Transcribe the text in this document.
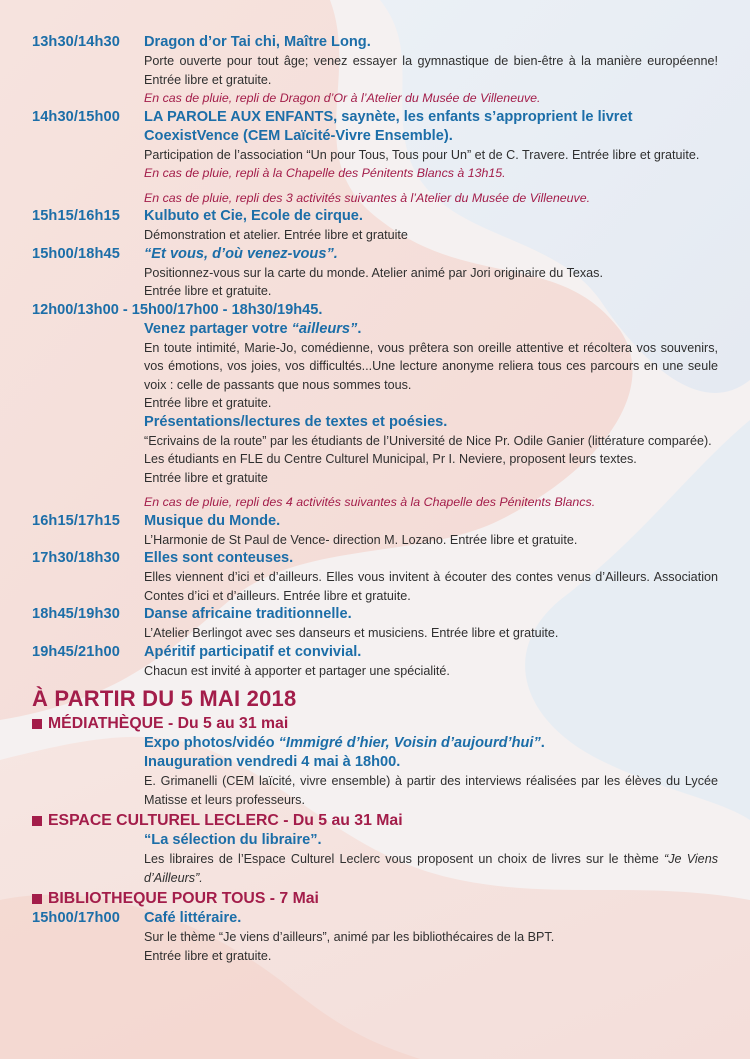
13h30/14h30	Dragon d’or Tai chi, Maître Long.
Porte ouverte pour tout âge; venez essayer la gymnastique de bien-être à la manière européenne! Entrée libre et gratuite.
En cas de pluie, repli de Dragon d’Or à l’Atelier du Musée de Villeneuve.
14h30/15h00	LA PAROLE AUX ENFANTS, saynète, les enfants s’approprient le livret CoexistVence (CEM Laïcité-Vivre Ensemble).
Participation de l’association “Un pour Tous, Tous pour Un” et de C. Travere. Entrée libre et gratuite.
En cas de pluie, repli à la Chapelle des Pénitents Blancs à 13h15.
En cas de pluie, repli des 3 activités suivantes à l’Atelier du Musée de Villeneuve.
15h15/16h15	Kulbuto et Cie, Ecole de cirque.
Démonstration et atelier. Entrée libre et gratuite
15h00/18h45	“Et vous, d’où venez-vous”.
Positionnez-vous sur la carte du monde. Atelier animé par Jori originaire du Texas.
Entrée libre et gratuite.
12h00/13h00 - 15h00/17h00 - 18h30/19h45.
Venez partager votre “ailleurs”.
En toute intimité, Marie-Jo, comédienne, vous prêtera son oreille attentive et récoltera vos souvenirs, vos émotions, vos joies, vos difficultés...Une lecture anonyme reliera tous ces parcours en une seule voix : celle de passants que nous sommes tous.
Entrée libre et gratuite.
Présentations/lectures de textes et poésies.
“Ecrivains de la route” par les étudiants de l’Université de Nice Pr. Odile Ganier (littérature comparée).
Les étudiants en FLE du Centre Culturel Municipal, Pr I. Neviere, proposent leurs textes.
Entrée libre et gratuite
En cas de pluie, repli des 4 activités suivantes à la Chapelle des Pénitents Blancs.
16h15/17h15	Musique du Monde.
L’Harmonie de St Paul de Vence- direction M. Lozano. Entrée libre et gratuite.
17h30/18h30	Elles sont conteuses.
Elles viennent d’ici et d’ailleurs. Elles vous invitent à écouter des contes venus d’Ailleurs. Association Contes d’ici et d’ailleurs. Entrée libre et gratuite.
18h45/19h30	Danse africaine traditionnelle.
L’Atelier Berlingot avec ses danseurs et musiciens. Entrée libre et gratuite.
19h45/21h00	Apéritif participatif et convivial.
Chacun est invité à apporter et partager une spécialité.
À PARTIR DU 5 MAI 2018
MÉDIATHÈQUE - Du 5 au 31 mai
Expo photos/vidéo “Immigré d’hier, Voisin d’aujourd’hui”.
Inauguration vendredi 4 mai à 18h00.
E. Grimanelli (CEM laïcité, vivre ensemble) à partir des interviews réalisées par les élèves du Lycée Matisse et leurs professeurs.
ESPACE CULTUREL LECLERC - Du 5 au 31 Mai
“La sélection du libraire”.
Les libraires de l’Espace Culturel Leclerc vous proposent un choix de livres sur le thème “Je Viens d’Ailleurs”.
BIBLIOTHEQUE POUR TOUS - 7 Mai
15h00/17h00	Café littéraire.
Sur le thème “Je viens d’ailleurs”, animé par les bibliothécaires de la BPT.
Entrée libre et gratuite.
